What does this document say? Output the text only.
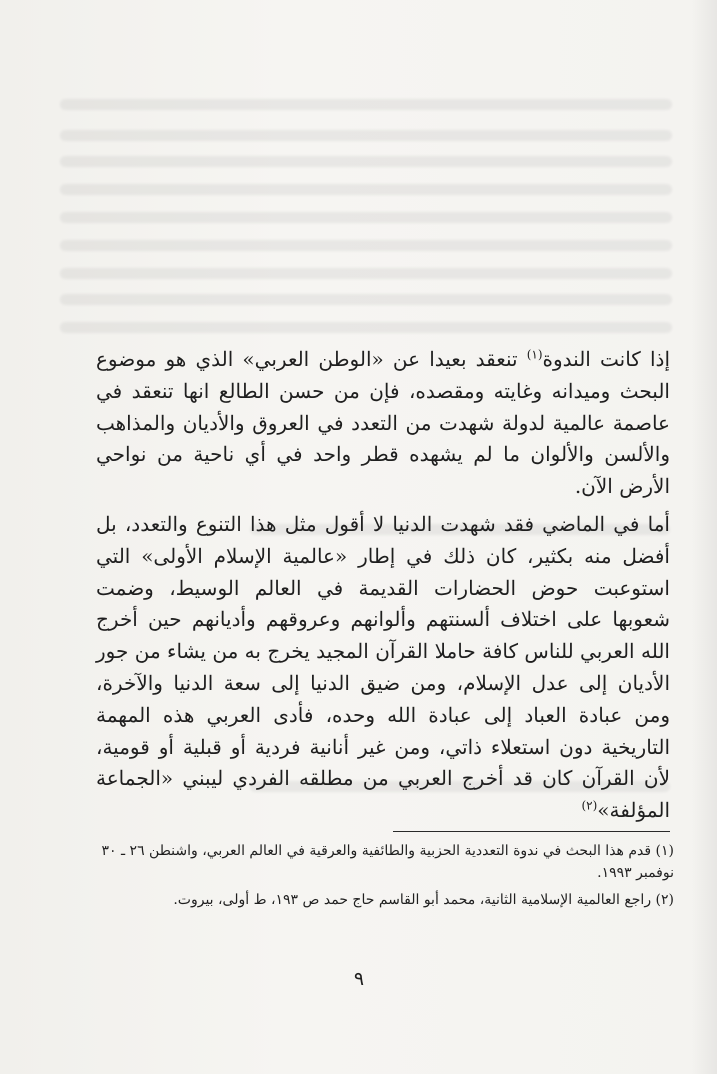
إذا كانت الندوة$^{(١)}$ تنعقد بعيدا عن «الوطن العربي» الذي هو موضوع البحث وميدانه وغايته ومقصده، فإن من حسن الطالع انها تنعقد في عاصمة عالمية لدولة شهدت من التعدد في العروق والأديان والمذاهب والألسن والألوان ما لم يشهده قطر واحد في أي ناحية من نواحي الأرض الآن.

أما في الماضي فقد شهدت الدنيا لا أقول مثل هذا التنوع والتعدد، بل أفضل منه بكثير، كان ذلك في إطار «عالمية الإسلام الأولى» التي استوعبت حوض الحضارات القديمة في العالم الوسيط، وضمت شعوبها على اختلاف ألسنتهم وألوانهم وعروقهم وأديانهم حين أخرج الله العربي للناس كافة حاملا القرآن المجيد يخرج به من يشاء من جور الأديان إلى عدل الإسلام، ومن ضيق الدنيا إلى سعة الدنيا والآخرة، ومن عبادة العباد إلى عبادة الله وحده، فأدى العربي هذه المهمة التاريخية دون استعلاء ذاتي، ومن غير أنانية فردية أو قبلية أو قومية، لأن القرآن كان قد أخرج العربي من مطلقه الفردي ليبني «الجماعة المؤلفة»$^{(٢)}$

(١) قدم هذا البحث في ندوة التعددية الحزبية والطائفية والعرقية في العالم العربي، واشنطن ٢٦ ـ ٣٠ نوفمبر ١٩٩٣.
(٢) راجع العالمية الإسلامية الثانية، محمد أبو القاسم حاج حمد ص ١٩٣، ط أولى، بيروت.
٩
